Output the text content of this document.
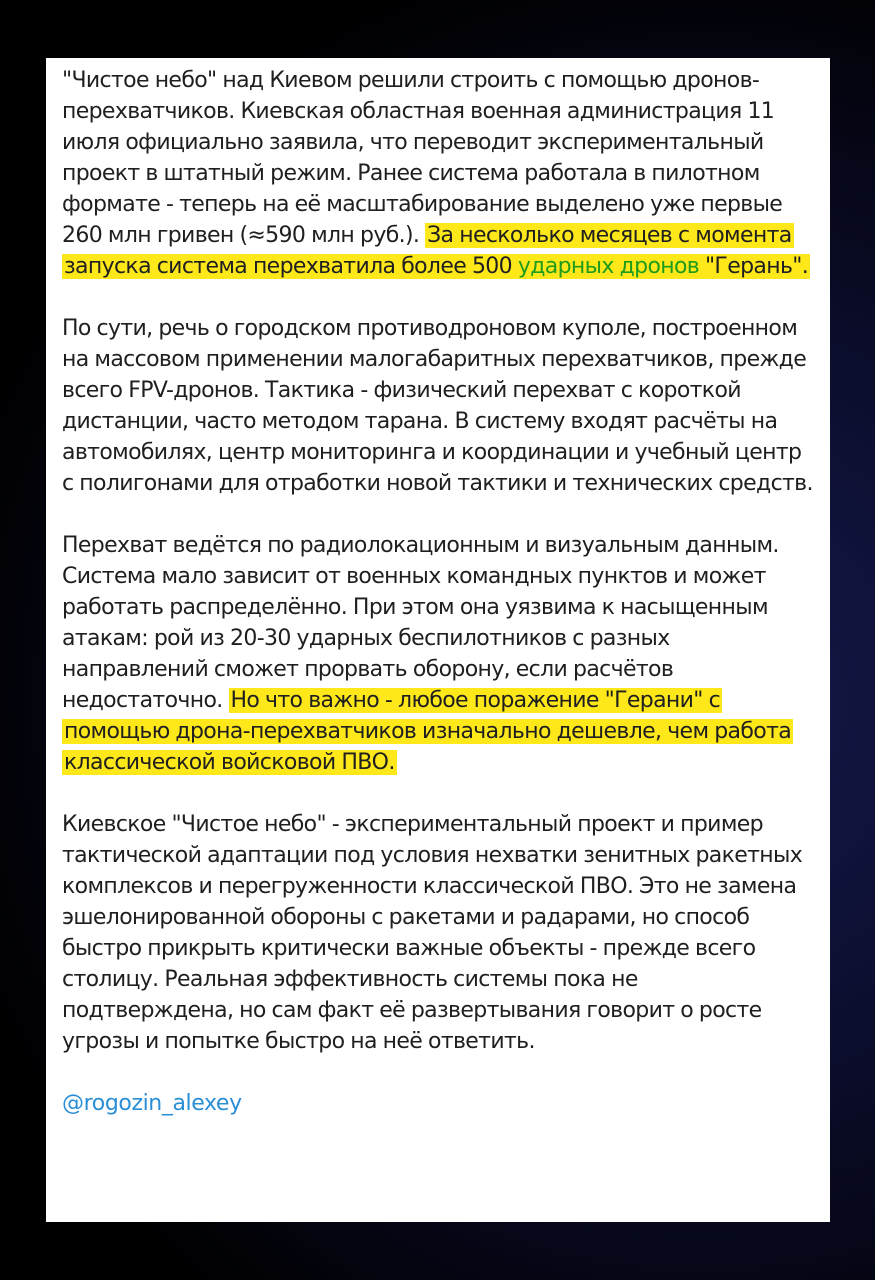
"Чистое небо" над Киевом решили строить с помощью дронов-перехватчиков. Киевская областная военная администрация 11 июля официально заявила, что переводит экспериментальный проект в штатный режим. Ранее система работала в пилотном формате - теперь на её масштабирование выделено уже первые 260 млн гривен (≈590 млн руб.). За несколько месяцев с момента запуска система перехватила более 500 ударных дронов "Герань".

По сути, речь о городском противодроновом куполе, построенном на массовом применении малогабаритных перехватчиков, прежде всего FPV-дронов. Тактика - физический перехват с короткой дистанции, часто методом тарана. В систему входят расчёты на автомобилях, центр мониторинга и координации и учебный центр с полигонами для отработки новой тактики и технических средств.

Перехват ведётся по радиолокационным и визуальным данным. Система мало зависит от военных командных пунктов и может работать распределённо. При этом она уязвима к насыщенным атакам: рой из 20-30 ударных беспилотников с разных направлений сможет прорвать оборону, если расчётов недостаточно. Но что важно - любое поражение "Герани" с помощью дрона-перехватчиков изначально дешевле, чем работа классической войсковой ПВО.

Киевское "Чистое небо" - экспериментальный проект и пример тактической адаптации под условия нехватки зенитных ракетных комплексов и перегруженности классической ПВО. Это не замена эшелонированной обороны с ракетами и радарами, но способ быстро прикрыть критически важные объекты - прежде всего столицу. Реальная эффективность системы пока не подтверждена, но сам факт её развертывания говорит о росте угрозы и попытке быстро на неё ответить.

@rogozin_alexey
